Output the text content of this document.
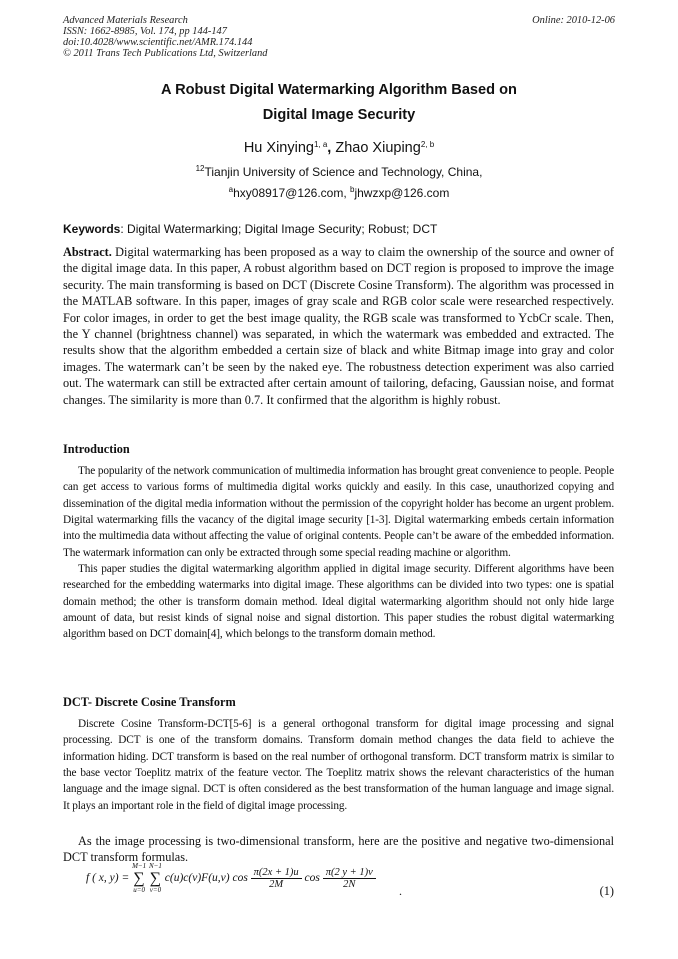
Advanced Materials Research
ISSN: 1662-8985, Vol. 174, pp 144-147
doi:10.4028/www.scientific.net/AMR.174.144
© 2011 Trans Tech Publications Ltd, Switzerland
Online: 2010-12-06
A Robust Digital Watermarking Algorithm Based on
Digital Image Security
Hu Xinying$^{1, a}$, Zhao Xiuping$^{2, b}$
$^{12}$Tianjin University of Science and Technology, China,
$^a$hxy08917@126.com, $^b$jhwzxp@126.com
Keywords: Digital Watermarking; Digital Image Security; Robust; DCT

Abstract. Digital watermarking has been proposed as a way to claim the ownership of the source and owner of the digital image data. In this paper, A robust algorithm based on DCT region is proposed to improve the image security. The main transforming is based on DCT (Discrete Cosine Transform). The algorithm was processed in the MATLAB software. In this paper, images of gray scale and RGB color scale were researched respectively. For color images, in order to get the best image quality, the RGB scale was transformed to YcbCr scale. Then, the Y channel (brightness channel) was separated, in which the watermark was embedded and extracted. The results show that the algorithm embedded a certain size of black and white Bitmap image into gray and color images. The watermark can’t be seen by the naked eye. The robustness detection experiment was also carried out. The watermark can still be extracted after certain amount of tailoring, defacing, Gaussian noise, and format changes. The similarity is more than 0.7. It confirmed that the algorithm is highly robust.

Introduction

The popularity of the network communication of multimedia information has brought great convenience to people. People can get access to various forms of multimedia digital works quickly and easily. In this case, unauthorized copying and dissemination of the digital media information without the permission of the copyright holder has become an urgent problem. Digital watermarking fills the vacancy of the digital image security [1-3]. Digital watermarking embeds certain information into the multimedia data without affecting the value of original contents. People can’t be aware of the embedded information. The watermark information can only be extracted through some special reading machine or algorithm.

This paper studies the digital watermarking algorithm applied in digital image security. Different algorithms have been researched for the embedding watermarks into digital image. These algorithms can be divided into two types: one is spatial domain method; the other is transform domain method. Ideal digital watermarking algorithm should not only hide large amount of data, but resist kinds of signal noise and signal distortion. This paper studies the robust digital watermarking algorithm based on DCT domain[4], which belongs to the transform domain method.

DCT- Discrete Cosine Transform

Discrete Cosine Transform-DCT[5-6] is a general orthogonal transform for digital image processing and signal processing. DCT is one of the transform domains. Transform domain method changes the data field to achieve the information hiding. DCT transform is based on the real number of orthogonal transform. DCT transform matrix is similar to the base vector Toeplitz matrix of the feature vector. The Toeplitz matrix shows the relevant characteristics of the human language and the image signal. DCT is often considered as the best transformation of the human language and image signal. It plays an important role in the field of digital image processing.

As the image processing is two-dimensional transform, here are the positive and negative two-dimensional DCT transform formulas.

f ( x, y) =
M−1
∑
u=0

N−1
∑
v=0
c(u)c(v)F(u,v) $\cos \frac{\pi(2x + 1)u}{2M}$ $\cos \frac{\pi(2 y + 1)v}{2N}$
.	(1)
